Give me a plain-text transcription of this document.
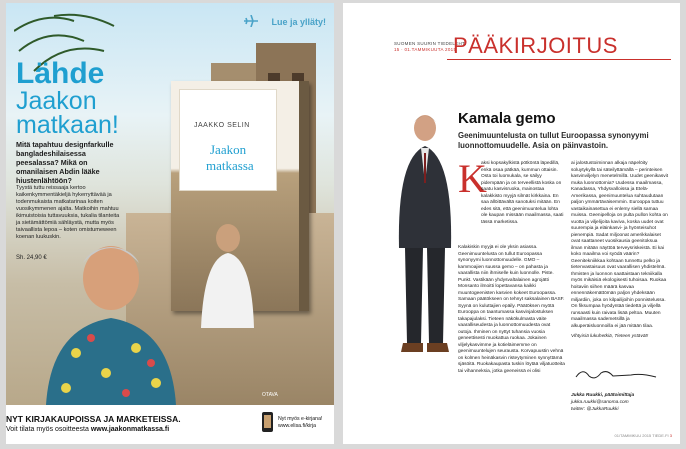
Lue ja ylläty!
Lähde
Jaakon
matkaan!
Mitä tapahtuu designfarkulle bangladeshilaisessa peesalassa? Mikä on omanilaisen Abdin lääke hiustenlähtöön?
Tyystä tuttu reissaaja kertoo kaikenkymmentäkieljä hykerryttävää ja todenmukaista matkatarinaa koiten vuosikymmenen ajalta. Matkoihin mahtuu ikimuistoisia tuttavuuksia, tukalia tilanteita ja sietämättömiä sähläystä, mutta myös taivaallista lepoa – koten omistumeween koenan luukuskin.
Sh. 24,90 €
JAAKKO SELIN
Jaakon
matkassa
OTAVA
NYT KIRJAKAUPOISSA JA MARKETEISSA.
Voit tilata myös osoitteesta www.jaakonmatkassa.fi
Nyt myös e-kirjana!
www.elisa.fi/kirja
SUOMEN SUURIN TIEDELEHTI
15 · 01.TAMMIKUUTA 2015
PÄÄKIRJOITUS
Kamala gemo
Geenimuuntelusta on tullut Euroopassa synonyymi luonnottomuudelle. Asia on päinvastoin.
K

aksi kopsakylkistä pötköntä läpedillä, enkä osaa pätkää, kummun ottaisin. Osta toi luomukala, se säilyy pidempään ja on terveellistä koska on saatu kasvisruoka, mainostaa kalakkisto myyjä silmät kirkkaina. En saa ällöittävältä sanotuksi mitään. En edes sitä, että geenimuuntelua lohta ole kaupan missään maailmassa, saati tässä marketissa.

Kalakiskin myyjä ei ole yksin asiassa. Geenimuuntelusta on tullut Euroopassa synonyymi luonnottomuudelle. GMO – kammoajien suussa gemo – on pahasta ja vaarallista niin ihmiselle kuin luonnolle. Piste. Punkt. Vastikään yhdysvaltalainen agrojätti Monsanto ilmoitti lopettavansa kaikki muuntogeenisten kasvien kokeet Euroopassa. Samaan päätökseen on tehnyt saksalainen BASF. Syynä on kuluttajien epäily. Päätöksen myötä Eurooppa on taantumassa kasvinjalostuksen takapajulaksi. Tieteen näkökulmasta väite vaaralliseudesta ja luonnottomuudesta ovat outoja. Ihminen on nyttyt tuhansia vuosia geneettisesti muokattua ruokaa. Jokainen viljelykasvimme ja kotieläimemme on geenimuuntelujen seurausta. Korvapuustin vehnä on kolmen heinäkasvin risteytyminen synnyttämä sjäsöitä. Ruokakaupasta tuskin löytää viljatuotteita tai vihanneksia, jotka geeneissä ei olisi

ai jalostustoiminnan alkaja näpelöity soluytykyllä tai säteilyttämällä – perinteisen kasvinviljelyn menetelmillä. Uudet geenikasvit muka luonnottomia? Uudessa maailmassa, Kanadassa, Yhdysvalloissa ja Etelä-Amerikassa, geenimuuntelua suhtaudutaan paljon ymmärtäväisemmin. Eurooppa tuttuu vastaikainasettua ei enlemy siellä samaa muissa. Geenipelloja on pulta pullon kohta on vuotta ja viljelijoita kaviva, koska uudet ovat suurempia ja eläinkasvi- ja hyönteisuhot pienempiä. Sadat miljoonat amerikkalaiset ovat saattaneet vuosikausia geenitoksua ilman mitään näyttöä terveysriskeistä. Ei kai koko maailma voi syödä väärin? Geenitekniikkaa kohtaan tunnettu pelko ja tietenvastaisuus ovat vaarallisen yhdistelmä. Ihmisten ja luonnon saattaistaan tekniikalla myös mikäisiä ekologisesti tuhoisaa. Ruokaa hoitaviin siihen määrä kasvaa ennennäkemättömän paljon yhdeksään miljardiin, joka on kilpailijoihin ponnistelussa. On fiksumpaa hyödyntää tiedettä ja viljellä runsaasti kuin raivata lisää peltoa. Muuten maailmassa sademetsillä ja alkuperäisluonnoilla ei jää mitään tilaa.

Vihtyisiä lukuhetkiä, Tieteen ystävät!

Jukka Ruukki, päätoimittaja
jukka.ruukki@sanoma.com
twitter: @JukkaRuukki
01/TAMMIKUU 2015 TIEDE.FI 3
